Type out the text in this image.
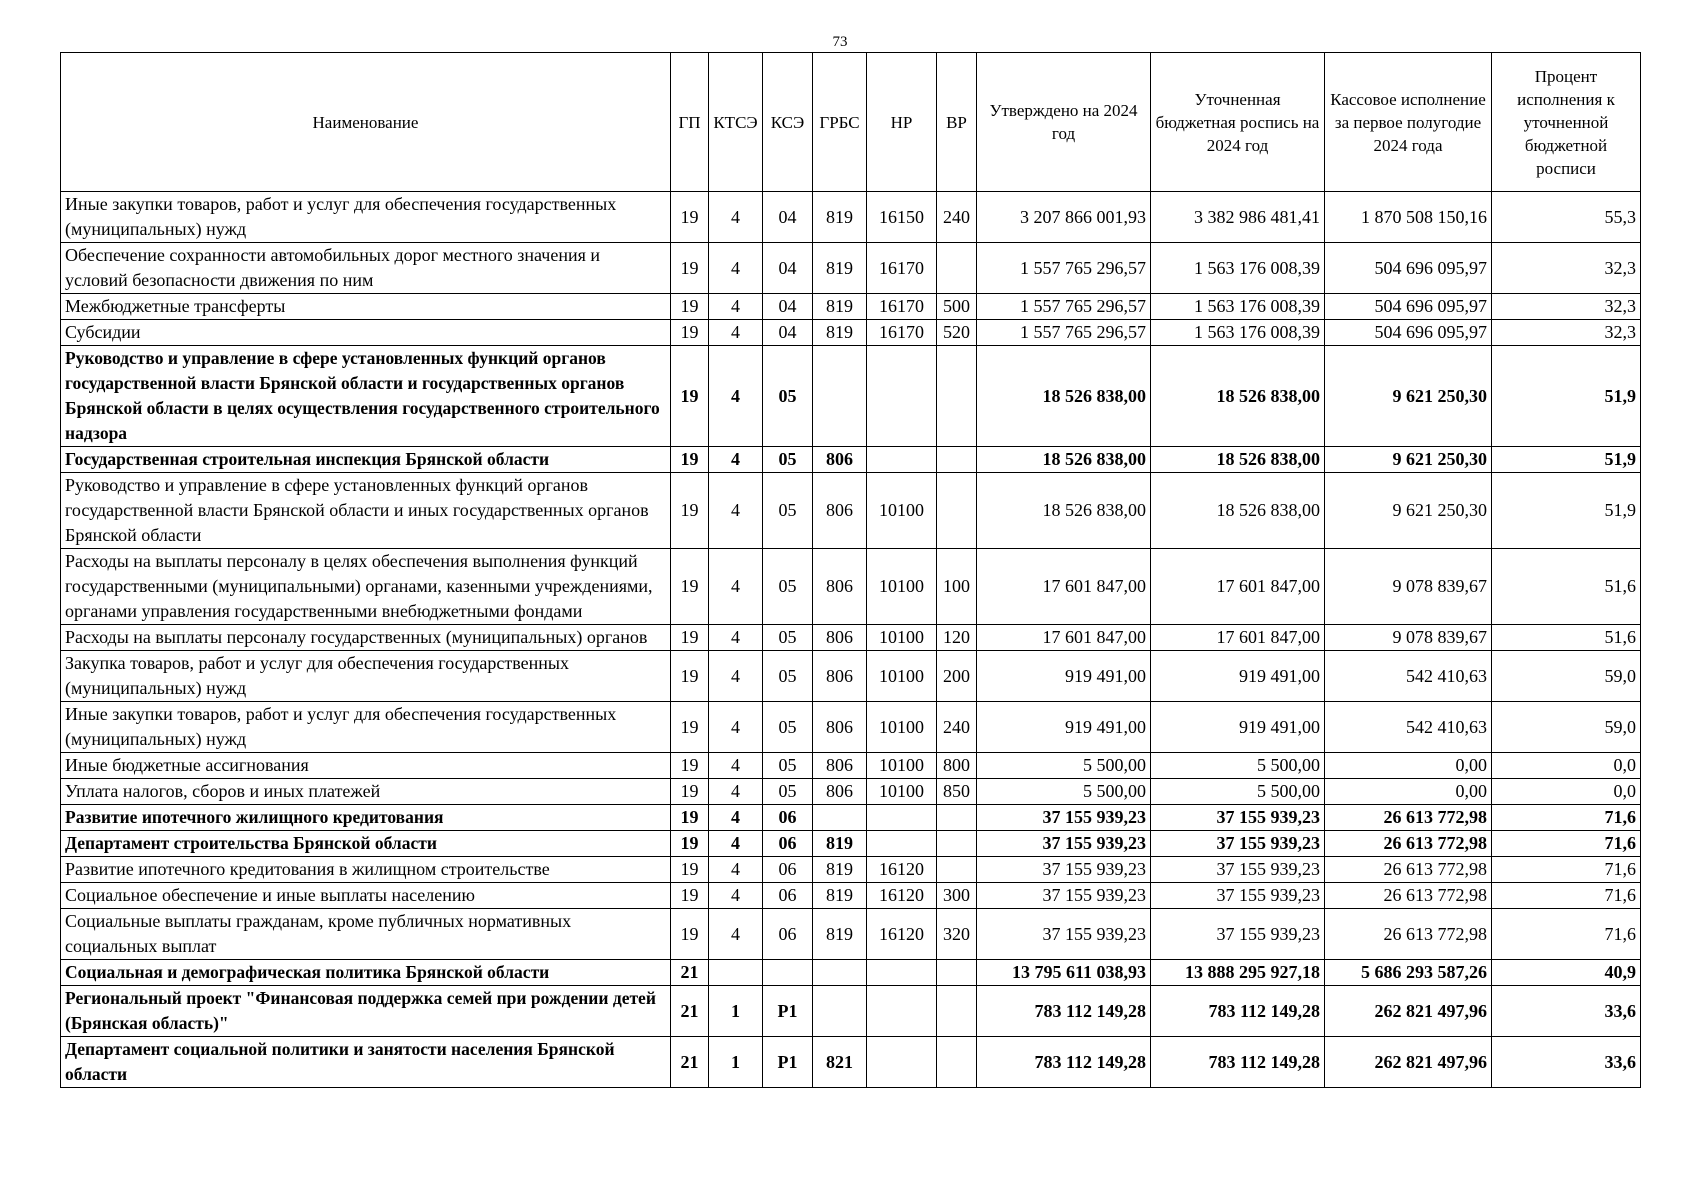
73
Наименование	ГП	КТСЭ	КСЭ	ГРБС	НР	ВР	Утверждено на 2024 год	Уточненная бюджетная роспись на 2024 год	Кассовое исполнение за первое полугодие 2024 года	Процент исполнения к уточненной бюджетной росписи
Иные закупки товаров, работ и услуг для обеспечения государственных (муниципальных) нужд	19	4	04	819	16150	240	3 207 866 001,93	3 382 986 481,41	1 870 508 150,16	55,3
Обеспечение сохранности автомобильных дорог местного значения и условий безопасности движения по ним	19	4	04	819	16170		1 557 765 296,57	1 563 176 008,39	504 696 095,97	32,3
Межбюджетные трансферты	19	4	04	819	16170	500	1 557 765 296,57	1 563 176 008,39	504 696 095,97	32,3
Субсидии	19	4	04	819	16170	520	1 557 765 296,57	1 563 176 008,39	504 696 095,97	32,3
Руководство и управление в сфере установленных функций органов государственной власти Брянской области и государственных органов Брянской области в целях осуществления государственного строительного надзора	19	4	05				18 526 838,00	18 526 838,00	9 621 250,30	51,9
Государственная строительная инспекция Брянской области	19	4	05	806			18 526 838,00	18 526 838,00	9 621 250,30	51,9
Руководство и управление в сфере установленных функций органов государственной власти Брянской области и иных государственных органов Брянской области	19	4	05	806	10100		18 526 838,00	18 526 838,00	9 621 250,30	51,9
Расходы на выплаты персоналу в целях обеспечения выполнения функций государственными (муниципальными) органами, казенными учреждениями, органами управления государственными внебюджетными фондами	19	4	05	806	10100	100	17 601 847,00	17 601 847,00	9 078 839,67	51,6
Расходы на выплаты персоналу государственных (муниципальных) органов	19	4	05	806	10100	120	17 601 847,00	17 601 847,00	9 078 839,67	51,6
Закупка товаров, работ и услуг для обеспечения государственных (муниципальных) нужд	19	4	05	806	10100	200	919 491,00	919 491,00	542 410,63	59,0
Иные закупки товаров, работ и услуг для обеспечения государственных (муниципальных) нужд	19	4	05	806	10100	240	919 491,00	919 491,00	542 410,63	59,0
Иные бюджетные ассигнования	19	4	05	806	10100	800	5 500,00	5 500,00	0,00	0,0
Уплата налогов, сборов и иных платежей	19	4	05	806	10100	850	5 500,00	5 500,00	0,00	0,0
Развитие ипотечного жилищного кредитования	19	4	06				37 155 939,23	37 155 939,23	26 613 772,98	71,6
Департамент строительства Брянской области	19	4	06	819			37 155 939,23	37 155 939,23	26 613 772,98	71,6
Развитие ипотечного кредитования в жилищном строительстве	19	4	06	819	16120		37 155 939,23	37 155 939,23	26 613 772,98	71,6
Социальное обеспечение и иные выплаты населению	19	4	06	819	16120	300	37 155 939,23	37 155 939,23	26 613 772,98	71,6
Социальные выплаты гражданам, кроме публичных нормативных социальных выплат	19	4	06	819	16120	320	37 155 939,23	37 155 939,23	26 613 772,98	71,6
Социальная и демографическая политика Брянской области	21						13 795 611 038,93	13 888 295 927,18	5 686 293 587,26	40,9
Региональный проект "Финансовая поддержка семей при рождении детей (Брянская область)"	21	1	P1				783 112 149,28	783 112 149,28	262 821 497,96	33,6
Департамент социальной политики и занятости населения Брянской области	21	1	P1	821			783 112 149,28	783 112 149,28	262 821 497,96	33,6
